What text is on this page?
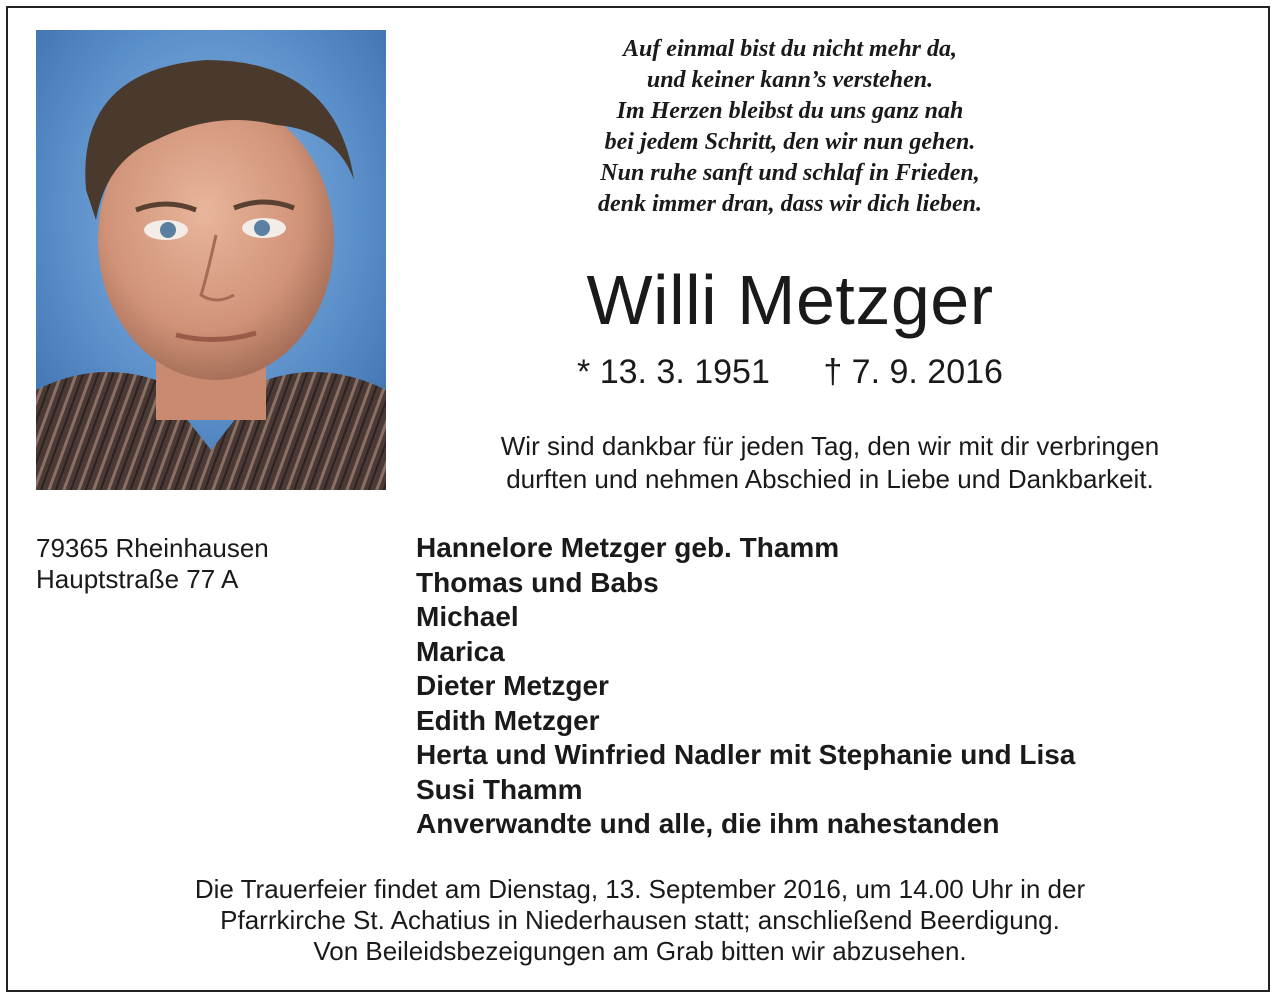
Auf einmal bist du nicht mehr da,
und keiner kann’s verstehen.
Im Herzen bleibst du uns ganz nah
bei jedem Schritt, den wir nun gehen.
Nun ruhe sanft und schlaf in Frieden,
denk immer dran, dass wir dich lieben.
Willi Metzger
* 13. 3. 1951 † 7. 9. 2016
Wir sind dankbar für jeden Tag, den wir mit dir verbringen
durften und nehmen Abschied in Liebe und Dankbarkeit.
79365 Rheinhausen
Hauptstraße 77 A
Hannelore Metzger geb. Thamm
Thomas und Babs
Michael
Marica
Dieter Metzger
Edith Metzger
Herta und Winfried Nadler mit Stephanie und Lisa
Susi Thamm
Anverwandte und alle, die ihm nahestanden
Die Trauerfeier findet am Dienstag, 13. September 2016, um 14.00 Uhr in der
Pfarrkirche St. Achatius in Niederhausen statt; anschließend Beerdigung.
Von Beileidsbezeigungen am Grab bitten wir abzusehen.
